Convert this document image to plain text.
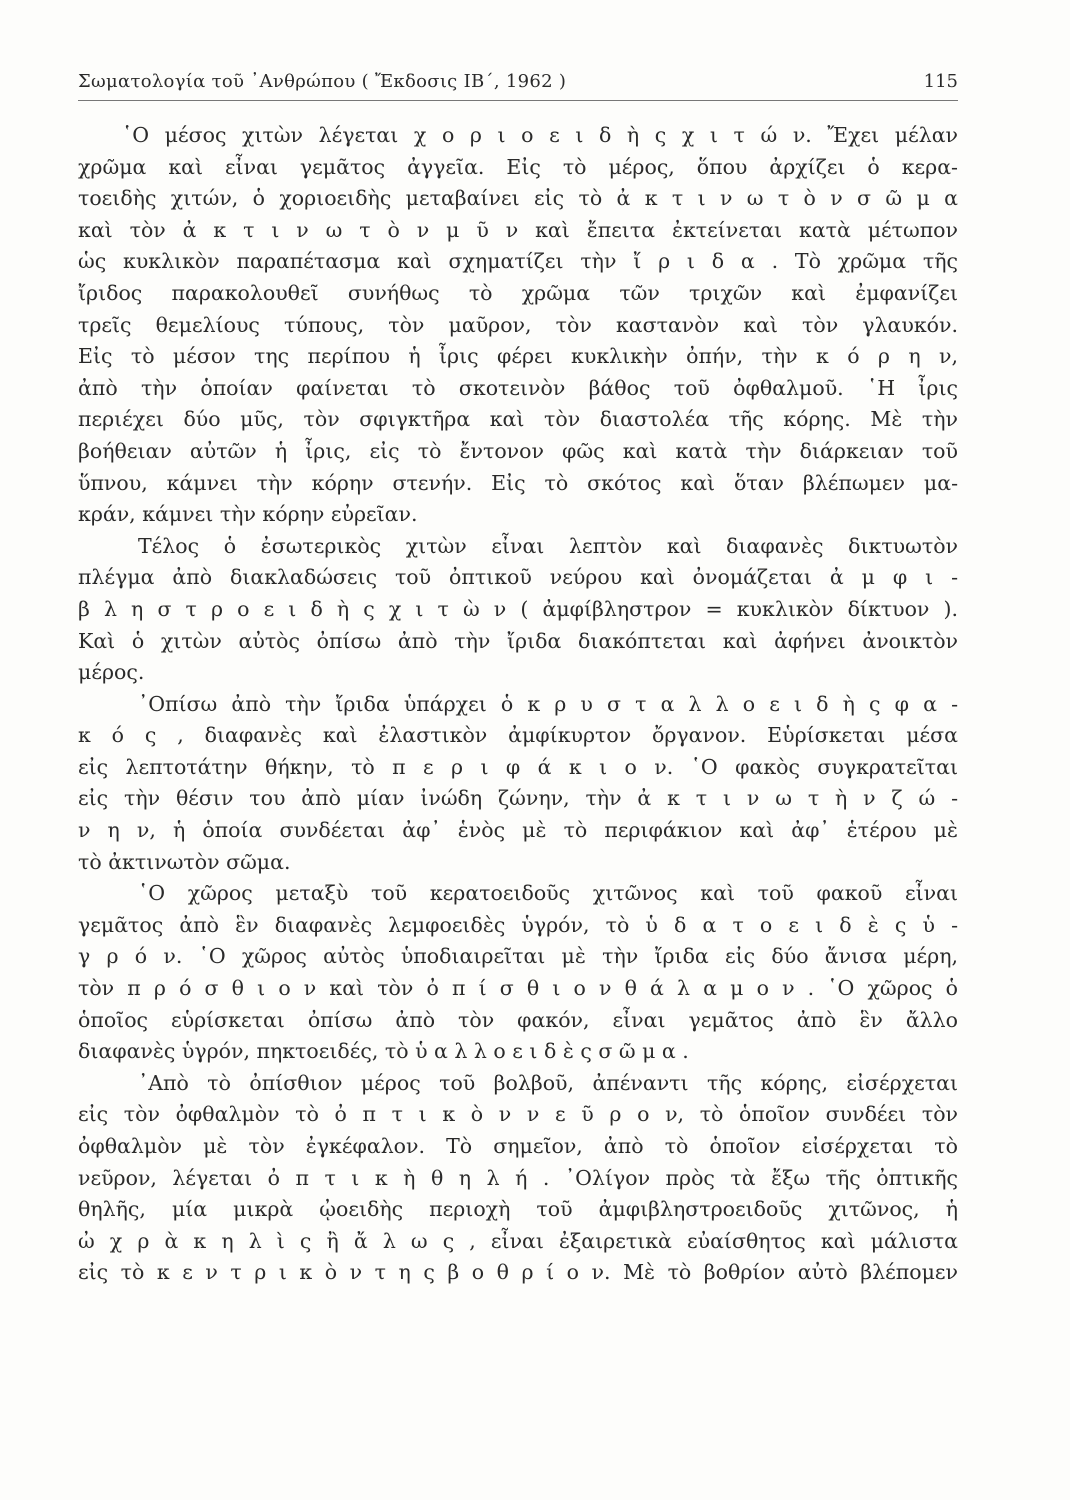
Σωματολογία τοῦ ᾿Ανθρώπου ( Ἔκδοσις ΙΒ΄, 1962 )	115
῾Ο μέσος χιτὼν λέγεται χ ο ρ ι ο ε ι δ ὴ ς χ ι τ ώ ν. Ἔχει μέλαν
χρῶμα καὶ εἶναι γεμᾶτος ἀγγεῖα. Εἰς τὸ μέρος, ὅπου ἀρχίζει ὁ κερα-
τοειδὴς χιτών, ὁ χοριοειδὴς μεταβαίνει εἰς τὸ ἀ κ τ ι ν ω τ ὸ ν σ ῶ μ α
καὶ τὸν ἀ κ τ ι ν ω τ ὸ ν μ ῦ ν καὶ ἔπειτα ἐκτείνεται κατὰ μέτωπον
ὡς κυκλικὸν παραπέτασμα καὶ σχηματίζει τὴν ἴ ρ ι δ α . Τὸ χρῶμα τῆς
ἴριδος παρακολουθεῖ συνήθως τὸ χρῶμα τῶν τριχῶν καὶ ἐμφανίζει
τρεῖς θεμελίους τύπους, τὸν μαῦρον, τὸν καστανὸν καὶ τὸν γλαυκόν.
Εἰς τὸ μέσον της περίπου ἡ ἶρις φέρει κυκλικὴν ὀπήν, τὴν κ ό ρ η ν,
ἀπὸ τὴν ὁποίαν φαίνεται τὸ σκοτεινὸν βάθος τοῦ ὀφθαλμοῦ. ῾Η ἶρις
περιέχει δύο μῦς, τὸν σφιγκτῆρα καὶ τὸν διαστολέα τῆς κόρης. Μὲ τὴν
βοήθειαν αὐτῶν ἡ ἶρις, εἰς τὸ ἔντονον φῶς καὶ κατὰ τὴν διάρκειαν τοῦ
ὕπνου, κάμνει τὴν κόρην στενήν. Εἰς τὸ σκότος καὶ ὅταν βλέπωμεν μα-
κράν, κάμνει τὴν κόρην εὐρεῖαν.
Τέλος ὁ ἐσωτερικὸς χιτὼν εἶναι λεπτὸν καὶ διαφανὲς δικτυωτὸν
πλέγμα ἀπὸ διακλαδώσεις τοῦ ὀπτικοῦ νεύρου καὶ ὀνομάζεται ἀ μ φ ι -
β λ η σ τ ρ ο ε ι δ ὴ ς χ ι τ ὼ ν ( ἀμφίβληστρον = κυκλικὸν δίκτυον ).
Καὶ ὁ χιτὼν αὐτὸς ὀπίσω ἀπὸ τὴν ἴριδα διακόπτεται καὶ ἀφήνει ἀνοικτὸν
μέρος.
᾿Οπίσω ἀπὸ τὴν ἴριδα ὑπάρχει ὁ κ ρ υ σ τ α λ λ ο ε ι δ ὴ ς φ α -
κ ό ς , διαφανὲς καὶ ἐλαστικὸν ἀμφίκυρτον ὄργανον. Εὑρίσκεται μέσα
εἰς λεπτοτάτην θήκην, τὸ π ε ρ ι φ ά κ ι ο ν. ῾Ο φακὸς συγκρατεῖται
εἰς τὴν θέσιν του ἀπὸ μίαν ἰνώδη ζώνην, τὴν ἀ κ τ ι ν ω τ ὴ ν ζ ώ -
ν η ν, ἡ ὁποία συνδέεται ἀφ᾿ ἑνὸς μὲ τὸ περιφάκιον καὶ ἀφ᾿ ἑτέρου μὲ
τὸ ἀκτινωτὸν σῶμα.
῾Ο χῶρος μεταξὺ τοῦ κερατοειδοῦς χιτῶνος καὶ τοῦ φακοῦ εἶναι
γεμᾶτος ἀπὸ ἓν διαφανὲς λεμφοειδὲς ὑγρόν, τὸ ὑ δ α τ ο ε ι δ ὲ ς ὑ -
γ ρ ό ν. ῾Ο χῶρος αὐτὸς ὑποδιαιρεῖται μὲ τὴν ἴριδα εἰς δύο ἄνισα μέρη,
τὸν π ρ ό σ θ ι ο ν καὶ τὸν ὀ π ί σ θ ι ο ν θ ά λ α μ ο ν . ῾Ο χῶρος ὁ
ὁποῖος εὑρίσκεται ὀπίσω ἀπὸ τὸν φακόν, εἶναι γεμᾶτος ἀπὸ ἓν ἄλλο
διαφανὲς ὑγρόν, πηκτοειδές, τὸ ὑ α λ λ ο ε ι δ ὲ ς σ ῶ μ α .
᾿Απὸ τὸ ὀπίσθιον μέρος τοῦ βολβοῦ, ἀπέναντι τῆς κόρης, εἰσέρχεται
εἰς τὸν ὀφθαλμὸν τὸ ὀ π τ ι κ ὸ ν ν ε ῦ ρ ο ν, τὸ ὁποῖον συνδέει τὸν
ὀφθαλμὸν μὲ τὸν ἐγκέφαλον. Τὸ σημεῖον, ἀπὸ τὸ ὁποῖον εἰσέρχεται τὸ
νεῦρον, λέγεται ὀ π τ ι κ ὴ θ η λ ή . ᾿Ολίγον πρὸς τὰ ἔξω τῆς ὀπτικῆς
θηλῆς, μία μικρὰ ᾠοειδὴς περιοχὴ τοῦ ἀμφιβληστροειδοῦς χιτῶνος, ἡ
ὠ χ ρ ὰ κ η λ ὶ ς ἢ ἄ λ ω ς , εἶναι ἐξαιρετικὰ εὐαίσθητος καὶ μάλιστα
εἰς τὸ κ ε ν τ ρ ι κ ὸ ν τ η ς β ο θ ρ ί ο ν. Μὲ τὸ βοθρίον αὐτὸ βλέπομεν
